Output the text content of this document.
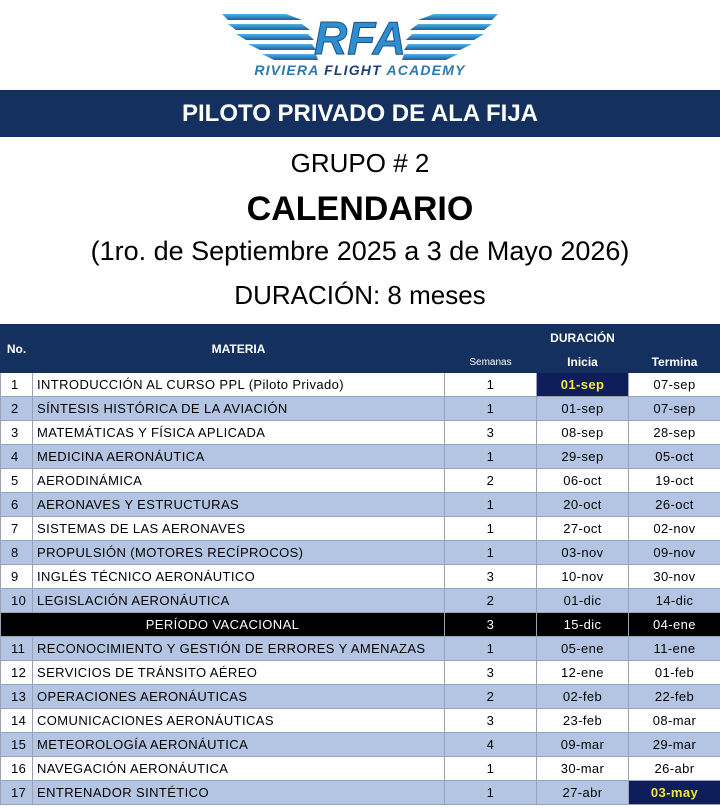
RFA
RIVIERA FLIGHT ACADEMY
PILOTO PRIVADO DE ALA FIJA
GRUPO # 2
CALENDARIO
(1ro. de Septiembre 2025 a 3 de Mayo 2026)
DURACIÓN: 8 meses
No.	MATERIA	DURACIÓN		
		Semanas	Inicia	Termina
1	INTRODUCCIÓN AL CURSO PPL (Piloto Privado)	1	01-sep	07-sep
2	SÍNTESIS HISTÓRICA DE LA AVIACIÓN	1	01-sep	07-sep
3	MATEMÁTICAS Y FÍSICA APLICADA	3	08-sep	28-sep
4	MEDICINA AERONÁUTICA	1	29-sep	05-oct
5	AERODINÁMICA	2	06-oct	19-oct
6	AERONAVES Y ESTRUCTURAS	1	20-oct	26-oct
7	SISTEMAS DE LAS AERONAVES	1	27-oct	02-nov
8	PROPULSIÓN (MOTORES RECÍPROCOS)	1	03-nov	09-nov
9	INGLÉS TÉCNICO AERONÁUTICO	3	10-nov	30-nov
10	LEGISLACIÓN AERONÁUTICA	2	01-dic	14-dic
PERÍODO VACACIONAL		3	15-dic	04-ene
11	RECONOCIMIENTO Y GESTIÓN DE ERRORES Y AMENAZAS	1	05-ene	11-ene
12	SERVICIOS DE TRÁNSITO AÉREO	3	12-ene	01-feb
13	OPERACIONES AERONÁUTICAS	2	02-feb	22-feb
14	COMUNICACIONES AERONÁUTICAS	3	23-feb	08-mar
15	METEOROLOGÍA AERONÁUTICA	4	09-mar	29-mar
16	NAVEGACIÓN AERONÁUTICA	1	30-mar	26-abr
17	ENTRENADOR SINTÉTICO	1	27-abr	03-may
